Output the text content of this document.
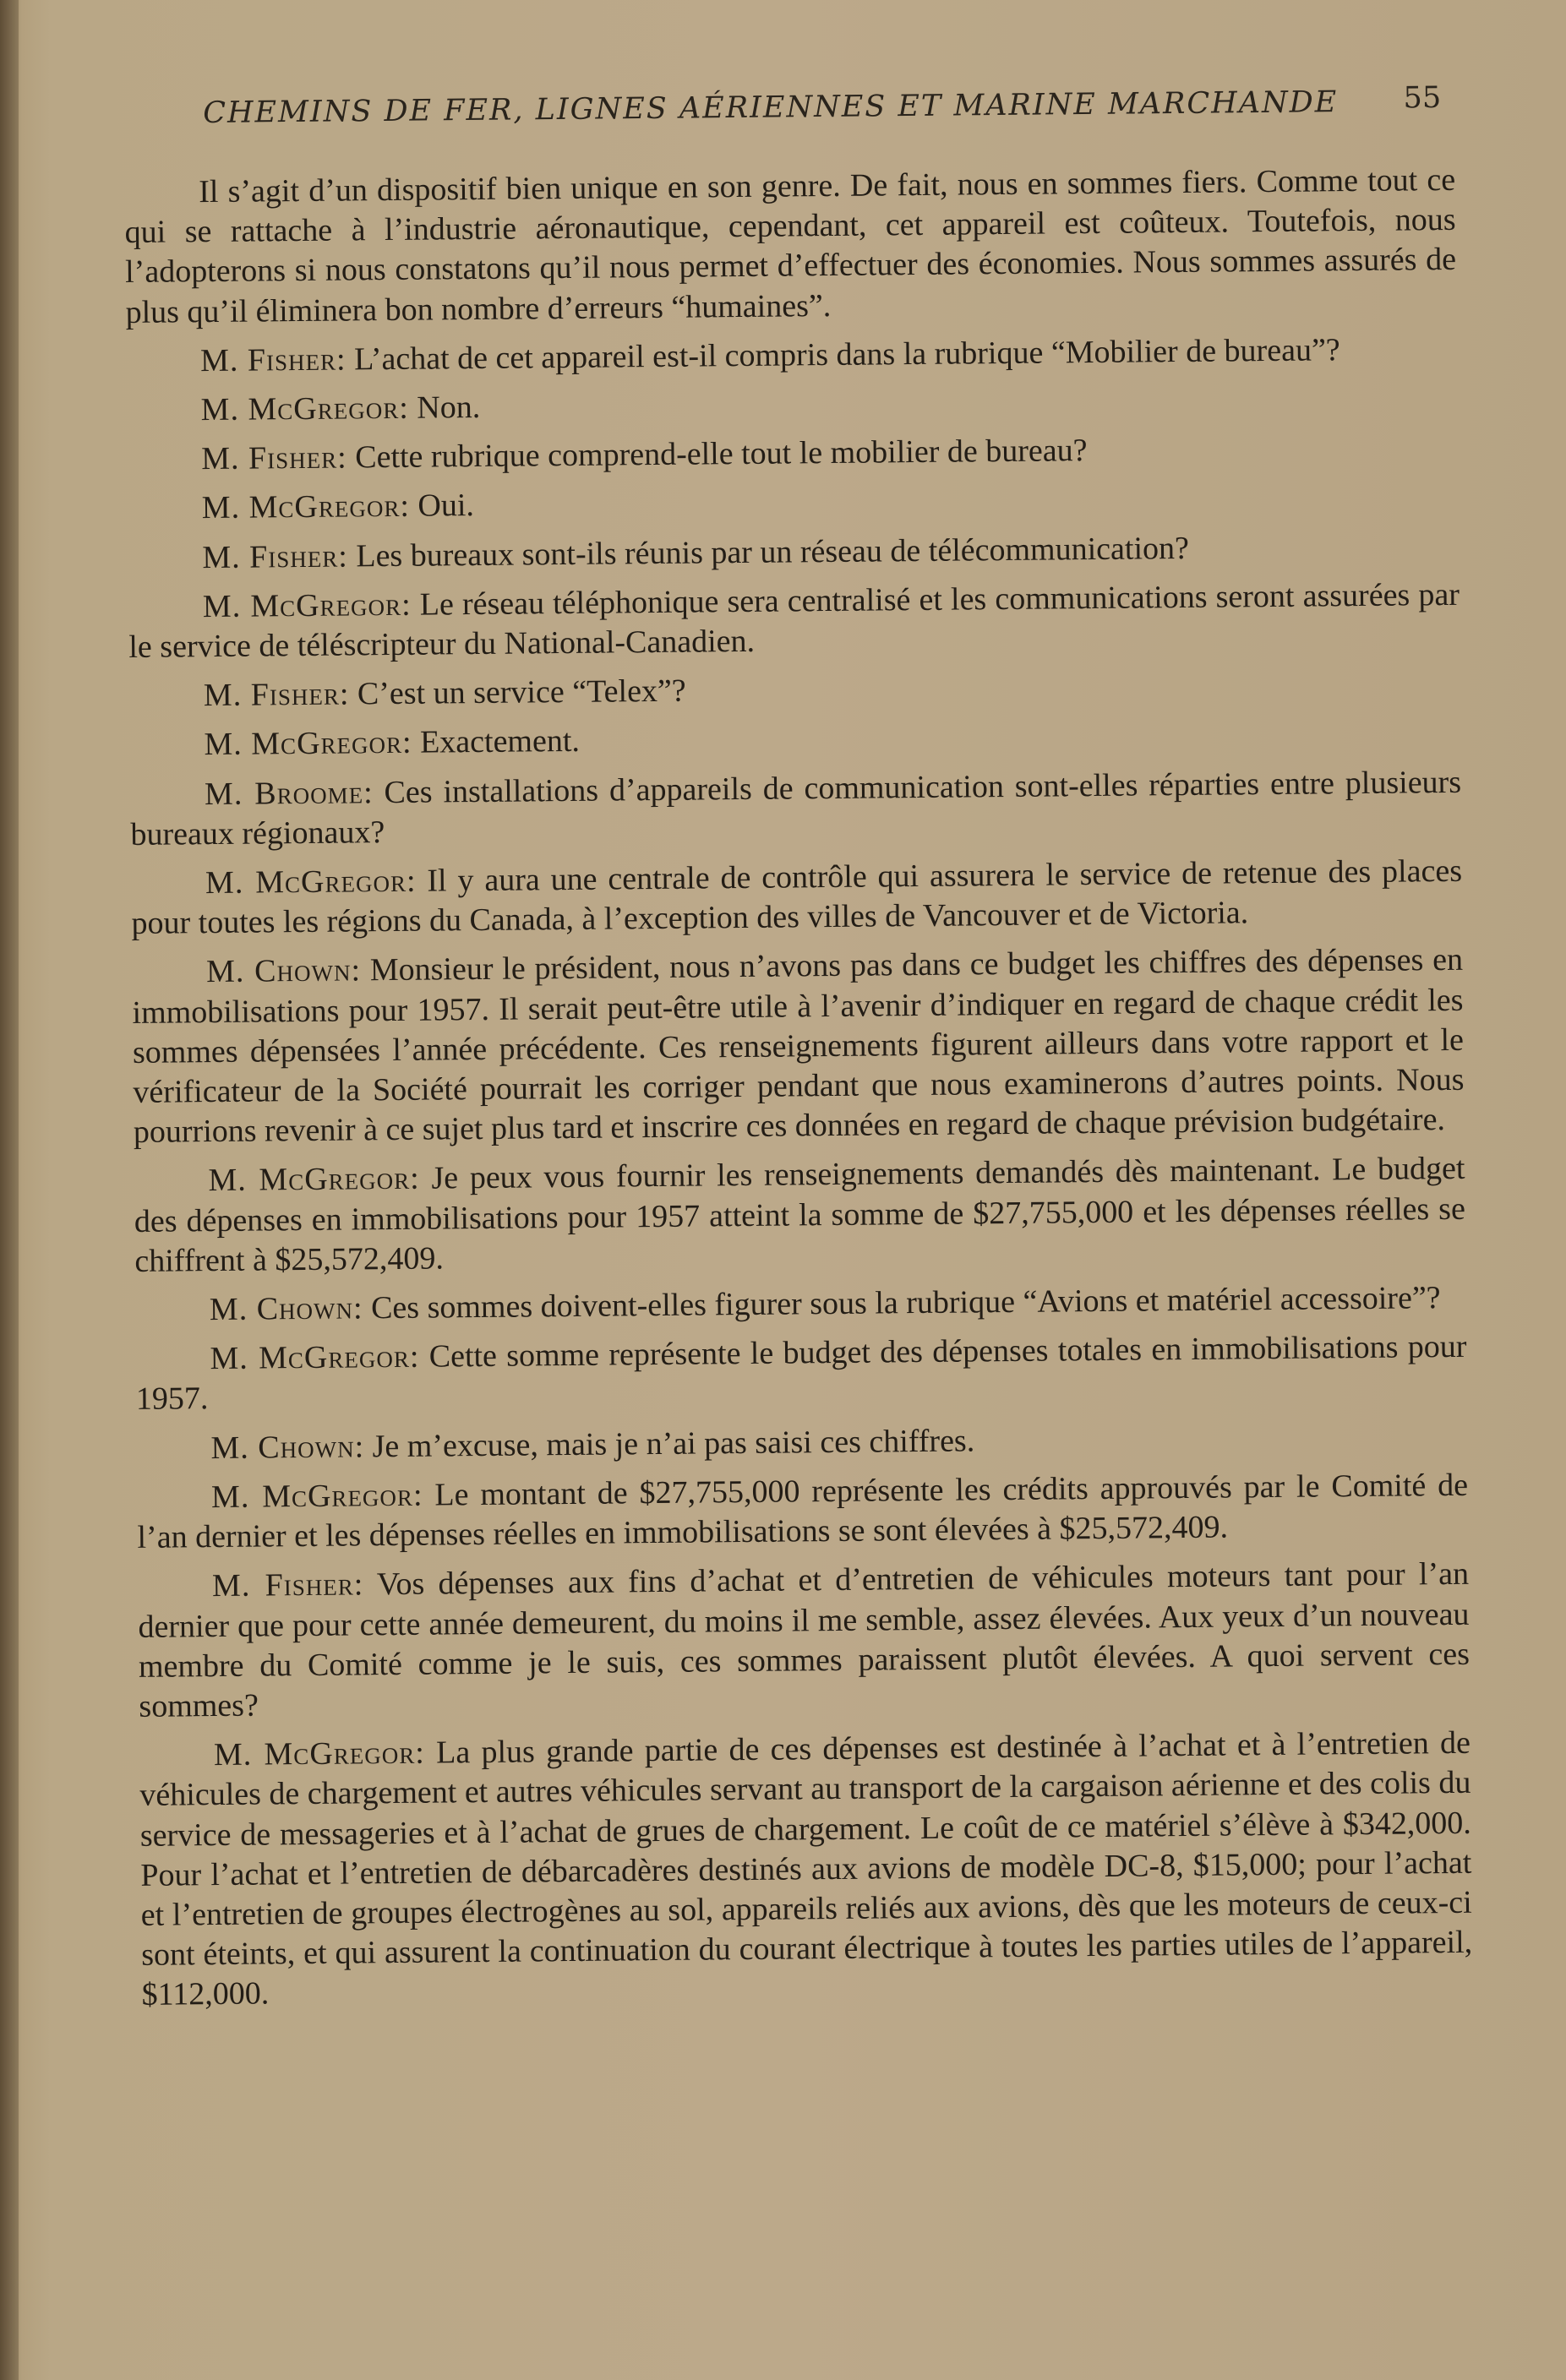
CHEMINS DE FER, LIGNES AÉRIENNES ET MARINE MARCHANDE 55

Il s’agit d’un dispositif bien unique en son genre. De fait, nous en sommes fiers. Comme tout ce qui se rattache à l’industrie aéronautique, cependant, cet appareil est coûteux. Toutefois, nous l’adopterons si nous constatons qu’il nous permet d’effectuer des économies. Nous sommes assurés de plus qu’il éliminera bon nombre d’erreurs “humaines”.

M. Fisher: L’achat de cet appareil est-il compris dans la rubrique “Mobilier de bureau”?

M. McGregor: Non.

M. Fisher: Cette rubrique comprend-elle tout le mobilier de bureau?

M. McGregor: Oui.

M. Fisher: Les bureaux sont-ils réunis par un réseau de télécommunication?

M. McGregor: Le réseau téléphonique sera centralisé et les communications seront assurées par le service de téléscripteur du National-Canadien.

M. Fisher: C’est un service “Telex”?

M. McGregor: Exactement.

M. Broome: Ces installations d’appareils de communication sont-elles réparties entre plusieurs bureaux régionaux?

M. McGregor: Il y aura une centrale de contrôle qui assurera le service de retenue des places pour toutes les régions du Canada, à l’exception des villes de Vancouver et de Victoria.

M. Chown: Monsieur le président, nous n’avons pas dans ce budget les chiffres des dépenses en immobilisations pour 1957. Il serait peut-être utile à l’avenir d’indiquer en regard de chaque crédit les sommes dépensées l’année précédente. Ces renseignements figurent ailleurs dans votre rapport et le vérificateur de la Société pourrait les corriger pendant que nous examinerons d’autres points. Nous pourrions revenir à ce sujet plus tard et inscrire ces données en regard de chaque prévision budgétaire.

M. McGregor: Je peux vous fournir les renseignements demandés dès maintenant. Le budget des dépenses en immobilisations pour 1957 atteint la somme de $27,755,000 et les dépenses réelles se chiffrent à $25,572,409.

M. Chown: Ces sommes doivent-elles figurer sous la rubrique “Avions et matériel accessoire”?

M. McGregor: Cette somme représente le budget des dépenses totales en immobilisations pour 1957.

M. Chown: Je m’excuse, mais je n’ai pas saisi ces chiffres.

M. McGregor: Le montant de $27,755,000 représente les crédits approuvés par le Comité de l’an dernier et les dépenses réelles en immobilisations se sont élevées à $25,572,409.

M. Fisher: Vos dépenses aux fins d’achat et d’entretien de véhicules moteurs tant pour l’an dernier que pour cette année demeurent, du moins il me semble, assez élevées. Aux yeux d’un nouveau membre du Comité comme je le suis, ces sommes paraissent plutôt élevées. A quoi servent ces sommes?

M. McGregor: La plus grande partie de ces dépenses est destinée à l’achat et à l’entretien de véhicules de chargement et autres véhicules servant au transport de la cargaison aérienne et des colis du service de messageries et à l’achat de grues de chargement. Le coût de ce matériel s’élève à $342,000. Pour l’achat et l’entretien de débarcadères destinés aux avions de modèle DC-8, $15,000; pour l’achat et l’entretien de groupes électrogènes au sol, appareils reliés aux avions, dès que les moteurs de ceux-ci sont éteints, et qui assurent la continuation du courant électrique à toutes les parties utiles de l’appareil, $112,000.
